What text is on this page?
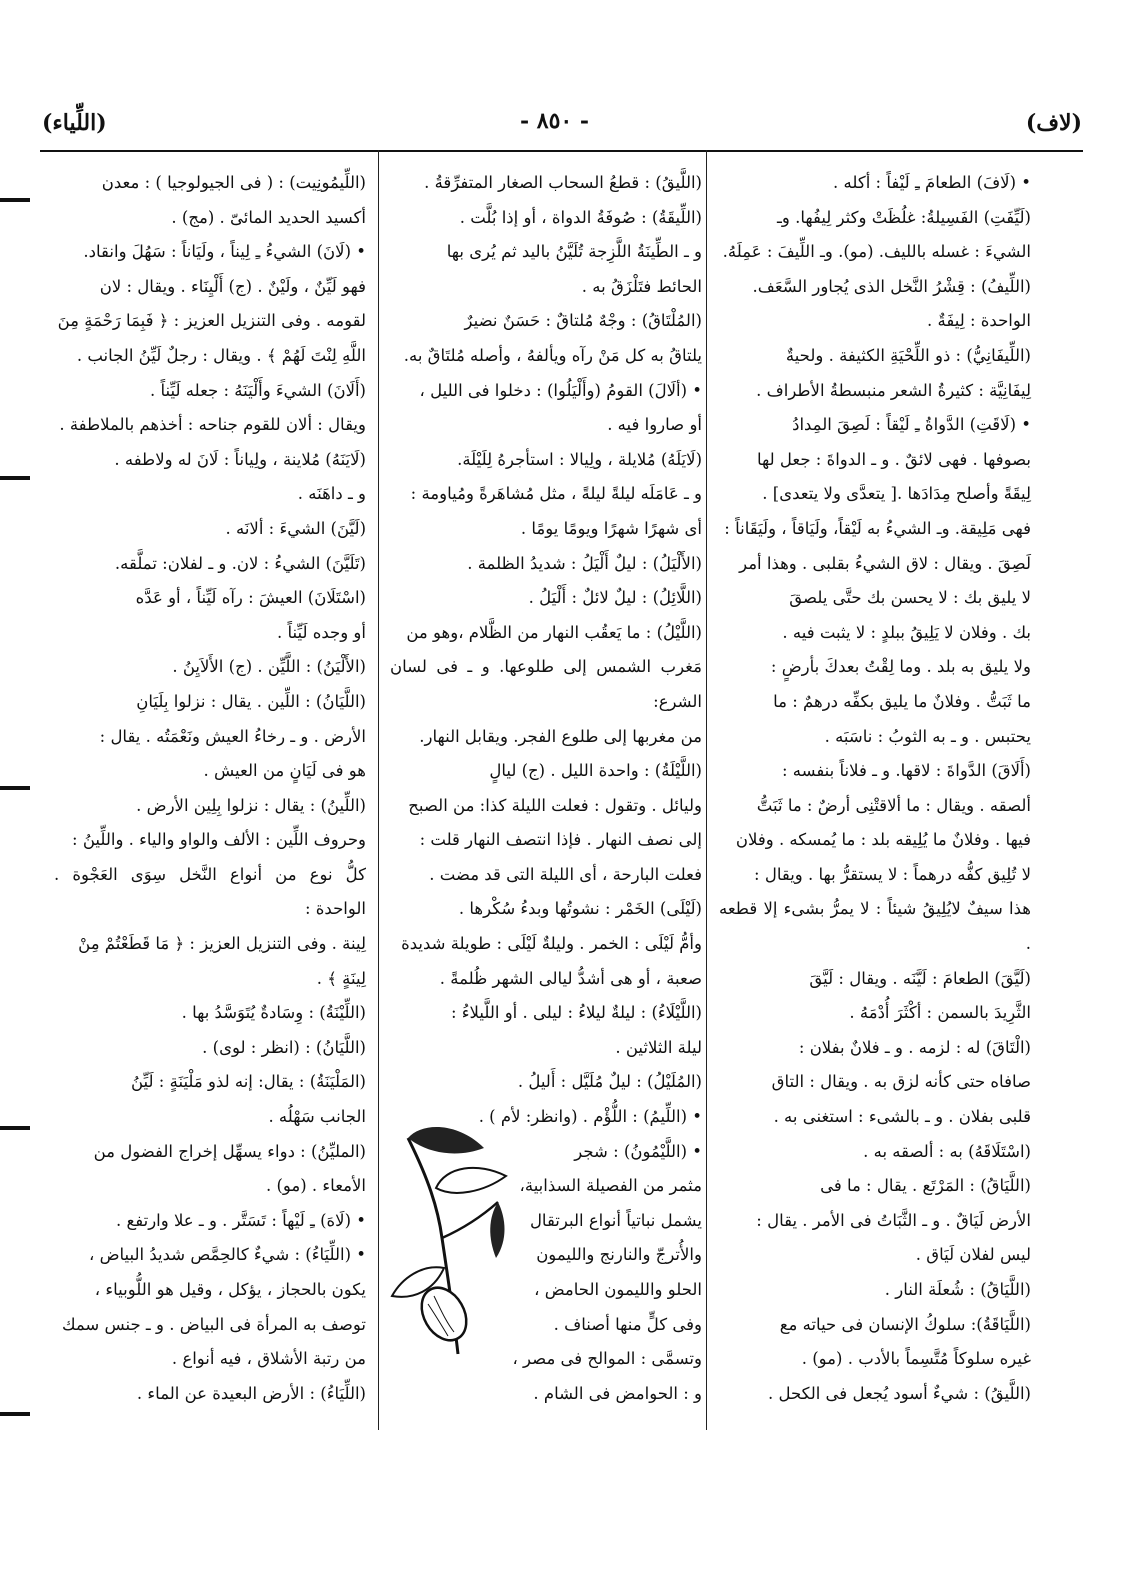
(لاف)
- ٨٥٠ -
(اللِّياء)

• (لَافَ) الطعامَ ـِ لَيْفاً : أكله .

(لَيِّفَتِ) الفَسِيلةُ: غلُظَتْ وكثر لِيفُها. وـ

الشيءَ : غسله بالليف. (مو). وـ اللِّيفَ : عَمِلَهُ.

(اللِّيفُ) : قِشْرُ النَّخل الذى يُجاور السَّعَف.

الواحدة : لِيفَةٌ .

(اللِّيفَانِيُّ) : ذو اللِّحْيَةِ الكثيفة . ولحيةٌ

لِيفَانِيَّة : كثيرةُ الشعر منبسطةُ الأطراف .

• (لَاقَتِ) الدَّواةُ ـِ لَيْقاً : لَصِقَ المِدادُ

بصوفها . فهى لائقٌ . و ـ الدواةَ : جعل لها

لِيقَةً وأصلح مِدَادَها .[ يتعدَّى ولا يتعدى] .

فهى مَلِيقة. وـ الشيءُ به لَيْقاً، ولَيَاقاً ، ولَيَقَاناً :

لَصِقَ . ويقال : لاق الشيءُ بقلبى . وهذا أمر

لا يليق بك : لا يحسن بك حتَّى يلصقَ

بك . وفلان لا يَلِيقُ ببلدٍ : لا يثبت فيه .

ولا يليق به بلد . وما لِقْتُ بعدكَ بأرضٍ :

ما ثَبَتُّ . وفلانٌ ما يليق بكفِّه درهمٌ : ما

يحتبس . و ـ به الثوبُ : ناسَبَه .

(أَلَاقَ) الدَّواةَ : لاقها. و ـ فلاناً بنفسه :

ألصقه . ويقال : ما ألاقتْنِى أرضٌ : ما ثَبَتُّ

فيها . وفلانٌ ما يُلِيقه بلد : ما يُمسكه . وفلان

لا تُلِيق كفُّه درهماً : لا يستقرُّ بها . ويقال :

هذا سيفٌ لايُلِيقُ شيئاً : لا يمرُّ بشىء إلا قطعه .

(لَيَّقَ) الطعامَ : لَيَّنَه . ويقال : لَيَّقَ

الثَّرِيدَ بالسمن : أكْثَرَ أُدْمَهُ .

(الْتَاقَ) له : لزمه . و ـ فلانٌ بفلان :

صافاه حتى كأنه لزق به . ويقال : التاق

قلبى بفلان . و ـ بالشىء : استغنى به .

(اسْتَلَاقَهُ) به : ألصقه به .

(اللَّيَاقُ) : المَرْتَع . يقال : ما فى

الأرض لَيَاقٌ . و ـ الثَّبَاتُ فى الأمر . يقال :

ليس لفلان لَيَاق .

(اللَّيَاقُ) : شُعلَة النار .

(اللَّيَاقَةُ): سلوكُ الإنسان فى حياته مع

غيره سلوكاً مُتَّسِماً بالأدب . (مو) .

(اللَّيقُ) : شيءٌ أسود يُجعل فى الكحل .

(اللَّيقُ) : قطعُ السحاب الصغار المتفرِّقةُ .

(اللِّيقَةُ) : صُوفَةُ الدواة ، أو إذا بُلَّت .

و ـ الطِّينَةُ اللَّزِجة تُلَيَّنُ باليد ثم يُرى بها

الحائط فتَلْزَقُ به .

(المُلْتَاقُ) : وجْهٌ مُلتاقٌ : حَسَنٌ نضيرٌ

يلتاقُ به كل مَنْ رآه ويألفهُ ، وأصله مُلتَاقٌ به.

• (ألَالَ) القومُ (وأَلْيَلُوا) : دخلوا فى الليل ،

أو صاروا فيه .

(لَايَلَهُ) مُلايلة ، ولِيالا : استأجرهُ لِلَيْلَة.

و ـ عَامَلَه ليلةً ليلةً ، مثل مُشاهَرةً ومُياومة :

أى شهرًا شهرًا ويومًا يومًا .

(الأَلْيَلُ) : ليلٌ أَلْيَلُ : شديدُ الظلمة .

(اللَّائِلُ) : ليلٌ لائلٌ : أَلْيَلُ .

(اللَّيْلُ) : ما يَعقُب النهار من الظَّلام ،وهو من

مَغرب الشمس إلى طلوعها. و ـ فى لسان الشرع:

من مغربها إلى طلوع الفجر. ويقابل النهار.

(اللَّيْلَةُ) : واحدة الليل . (ج) ليالٍ

وليائل . وتقول : فعلت الليلة كذا: من الصبح

إلى نصف النهار . فإذا انتصف النهار قلت :

فعلت البارحة ، أى الليلة التى قد مضت .

(لَيْلَى) الخَمْر : نشوتُها وبدءُ سُكْرها .

وأمُّ لَيْلَى : الخمر . وليلةٌ لَيْلَى : طويلة شديدة

صعبة ، أو هى أشدُّ ليالى الشهر ظُلمةً .

(اللَّيْلَاءُ) : ليلةٌ ليلاءُ : ليلى . أو اللَّيلاءُ :

ليلة الثلاثين .

(المُلَيْلُ) : ليلٌ مُلَيَّل : أَليلُ .

• (اللِّيمُ) : اللُّؤْم . (وانظر: لأم ) .

• (اللَّيْمُونُ) : شجر

مثمر من الفصيلة السذابية،

يشمل نباتياً أنواع البرتقال

والأُترجّ والنارنج والليمون

الحلو والليمون الحامض ،

وفى كلٍّ منها أصناف .

وتسمَّى : الموالح فى مصر ،

و : الحوامض فى الشام .

(اللِّيمُونِيت) : ( فى الجيولوجيا ) : معدن

أكسيد الحديد المائىّ . (مج) .

• (لَانَ) الشيءُ ـِ لِيناً ، ولَيَاناً : سَهُلَ وانقاد.

فهو لَيِّنٌ ، ولَيْنٌ . (ج) أَلْيِنَاء . ويقال : لان

لقومه . وفى التنزيل العزيز : ﴿ فَبِمَا رَحْمَةٍ مِنَ

اللَّهِ لِنْتَ لَهُمْ ﴾ . ويقال : رجلٌ لَيِّنُ الجانب .

(أَلَانَ) الشيءَ وأَلْيَنَهُ : جعله لَيِّناً .

ويقال : ألان للقوم جناحه : أخذهم بالملاطفة .

(لَايَنَهُ) مُلاينة ، ولِياناً : لَانَ له ولاطفه .

و ـ داهَنَه .

(لَيَّنَ) الشيءَ : ألانَه .

(تَلَيَّنَ) الشيءُ : لان. و ـ لفلان: تملَّقه.

(اسْتَلَانَ) العيشَ : رآه لَيِّناً ، أو عَدَّه

أو وجده لَيِّناً .

(الأَلْيَنُ) : اللَّيِّن . (ج) الأَلاَيِنُ .

(اللَّيَانُ) : اللِّين . يقال : نزلوا بِلَيَانِ

الأرض . و ـ رخاءُ العيش ونَعْمَتُه . يقال :

هو فى لَيَانٍ من العيش .

(اللِّينُ) : يقال : نزلوا بِلِين الأرض .

وحروف اللِّين : الألف والواو والياء . واللِّينُ :

كلُّ نوع من أنواع النَّخل سِوَى العَجْوة . الواحدة :

لِينة . وفى التنزيل العزيز : ﴿ مَا قَطَعْتُمْ مِنْ

لِينَةٍ ﴾ .

(اللِّيْنَةُ) : وِسَادةٌ يُتَوَسَّدُ بها .

(اللَّيَانُ) : (انظر : لوى) .

(المَلْيَنَةُ) : يقال: إنه لذو مَلْيَنَةٍ : لَيِّنُ

الجانب سَهْلُه .

(المليِّنُ) : دواء يسهِّل إخراج الفضول من

الأمعاء . (مو) .

• (لَاهَ) ـِ لَيْهاً : تَسَتَّر . و ـ علا وارتفع .

• (اللِّيَاءُ) : شيءٌ كالحِمَّص شديدُ البياض ،

يكون بالحجاز ، يؤكل ، وقيل هو اللُّوبياء ،

توصف به المرأة فى البياض . و ـ جنس سمك

من رتبة الأشلاق ، فيه أنواع .

(اللِّيَاءُ) : الأرض البعيدة عن الماء .
